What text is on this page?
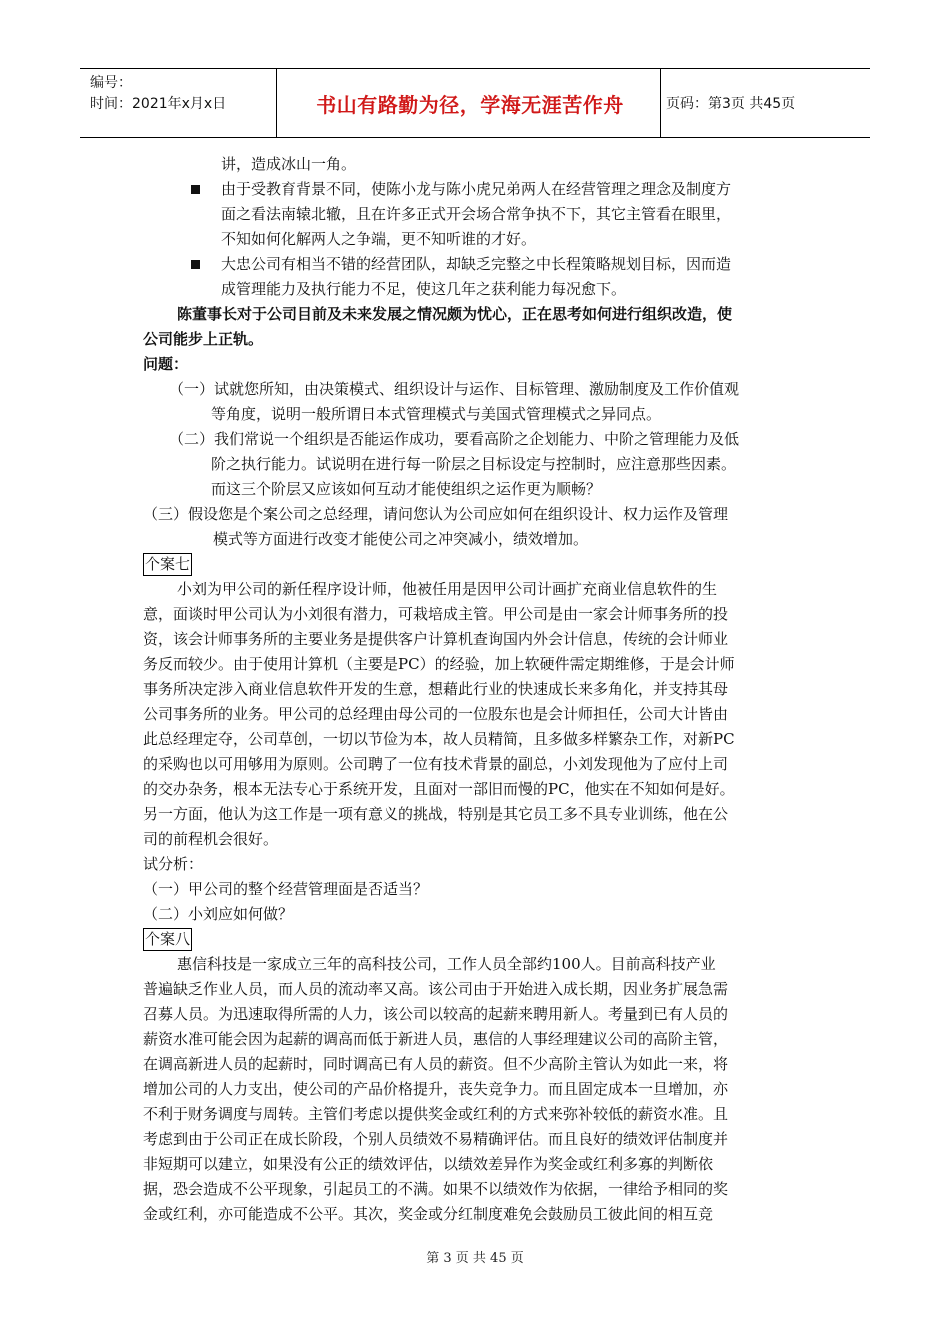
编号：
时间：2021年x月x日	书山有路勤为径，学海无涯苦作舟	页码：第3页 共45页
讲，造成冰山一角。
由于受教育背景不同，使陈小龙与陈小虎兄弟两人在经营管理之理念及制度方
面之看法南辕北辙，且在许多正式开会场合常争执不下，其它主管看在眼里，
不知如何化解两人之争端，更不知听谁的才好。
大忠公司有相当不错的经营团队，却缺乏完整之中长程策略规划目标，因而造
成管理能力及执行能力不足，使这几年之获利能力每况愈下。
陈董事长对于公司目前及未来发展之情况颇为忧心，正在思考如何进行组织改造，使
公司能步上正轨。
问题：
（一）试就您所知，由决策模式、组织设计与运作、目标管理、激励制度及工作价值观
等角度，说明一般所谓日本式管理模式与美国式管理模式之异同点。
（二）我们常说一个组织是否能运作成功，要看高阶之企划能力、中阶之管理能力及低
阶之执行能力。试说明在进行每一阶层之目标设定与控制时，应注意那些因素。
而这三个阶层又应该如何互动才能使组织之运作更为顺畅？
（三）假设您是个案公司之总经理，请问您认为公司应如何在组织设计、权力运作及管理
模式等方面进行改变才能使公司之冲突减小，绩效增加。
个案七
小刘为甲公司的新任程序设计师，他被任用是因甲公司计画扩充商业信息软件的生
意，面谈时甲公司认为小刘很有潜力，可栽培成主管。甲公司是由一家会计师事务所的投
资，该会计师事务所的主要业务是提供客户计算机查询国内外会计信息，传统的会计师业
务反而较少。由于使用计算机（主要是PC）的经验，加上软硬件需定期维修，于是会计师
事务所决定涉入商业信息软件开发的生意，想藉此行业的快速成长来多角化，并支持其母
公司事务所的业务。甲公司的总经理由母公司的一位股东也是会计师担任，公司大计皆由
此总经理定夺，公司草创，一切以节俭为本，故人员精简，且多做多样繁杂工作，对新PC
的采购也以可用够用为原则。公司聘了一位有技术背景的副总，小刘发现他为了应付上司
的交办杂务，根本无法专心于系统开发，且面对一部旧而慢的PC，他实在不知如何是好。
另一方面，他认为这工作是一项有意义的挑战，特别是其它员工多不具专业训练，他在公
司的前程机会很好。
试分析：
（一）甲公司的整个经营管理面是否适当？
（二）小刘应如何做？
个案八
惠信科技是一家成立三年的高科技公司，工作人员全部约100人。目前高科技产业
普遍缺乏作业人员，而人员的流动率又高。该公司由于开始进入成长期，因业务扩展急需
召募人员。为迅速取得所需的人力，该公司以较高的起薪来聘用新人。考量到已有人员的
薪资水准可能会因为起薪的调高而低于新进人员，惠信的人事经理建议公司的高阶主管，
在调高新进人员的起薪时，同时调高已有人员的薪资。但不少高阶主管认为如此一来，将
增加公司的人力支出，使公司的产品价格提升，丧失竞争力。而且固定成本一旦增加，亦
不利于财务调度与周转。主管们考虑以提供奖金或红利的方式来弥补较低的薪资水准。且
考虑到由于公司正在成长阶段，个别人员绩效不易精确评估。而且良好的绩效评估制度并
非短期可以建立，如果没有公正的绩效评估，以绩效差异作为奖金或红利多寡的判断依
据，恐会造成不公平现象，引起员工的不满。如果不以绩效作为依据，一律给予相同的奖
金或红利，亦可能造成不公平。其次，奖金或分红制度难免会鼓励员工彼此间的相互竞
第 3 页 共 45 页
